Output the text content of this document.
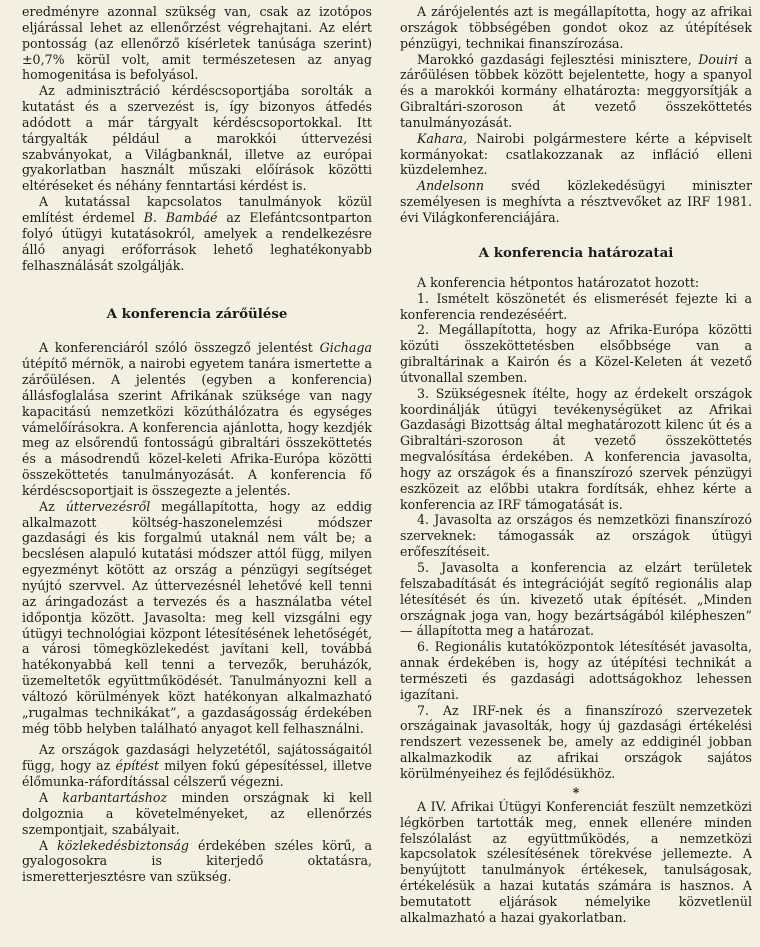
eredményre azonnal szükség van, csak az izotópos eljárással lehet az ellenőrzést végrehajtani. Az elért pontosság (az ellenőrző kísérletek tanúsága szerint) ±0,7% körül volt, amit természetesen az anyag homogenitása is befolyásol.

Az adminisztráció kérdéscsoportjába sorolták a kutatást és a szervezést is, így bizonyos átfedés adódott a már tárgyalt kérdéscsoportokkal. Itt tárgyalták például a marokkói úttervezési szabványokat, a Világbanknál, illetve az európai gyakorlatban használt műszaki előírások közötti eltéréseket és néhány fenntartási kérdést is.

A kutatással kapcsolatos tanulmányok közül említést érdemel B. Bambáé az Elefántcsontparton folyó útügyi kutatásokról, amelyek a rendelkezésre álló anyagi erőforrások lehető leghatékonyabb felhasználását szolgálják.

A konferencia zárőülése

A konferenciáról szóló összegző jelentést Gichaga útépítő mérnök, a nairobi egyetem tanára ismertette a zárőülésen. A jelentés (egyben a konferencia) állásfoglalása szerint Afrikának szüksége van nagy kapacitású nemzetközi közúthálózatra és egységes vámelőírásokra. A konferencia ajánlotta, hogy kezdjék meg az elsőrendű fontosságú gibraltári összeköttetés és a másodrendű közel-keleti Afrika-Európa közötti összeköttetés tanulmányozását. A konferencia fő kérdéscsoportjait is összegezte a jelentés.

Az úttervezésről megállapította, hogy az eddig alkalmazott költség-haszonelemzési módszer gazdasági és kis forgalmú utaknál nem vált be; a becslésen alapuló kutatási módszer attól függ, milyen egyezményt kötött az ország a pénzügyi segítséget nyújtó szervvel. Az úttervezésnél lehetővé kell tenni az áringadozást a tervezés és a használatba vétel időpontja között. Javasolta: meg kell vizsgálni egy útügyi technológiai központ létesítésének lehetőségét, a városi tömegközlekedést javítani kell, továbbá hatékonyabbá kell tenni a tervezők, beruházók, üzemeltetők együttműködését. Tanulmányozni kell a változó körülmények közt hatékonyan alkalmazható „rugalmas technikákat”, a gazdaságosság érdekében még több helyben található anyagot kell felhasználni.

Az országok gazdasági helyzetétől, sajátosságaitól függ, hogy az építést milyen fokú gépesítéssel, illetve élőmunka-ráfordítással célszerű végezni.

A karbantartáshoz minden országnak ki kell dolgoznia a követelményeket, az ellenőrzés szempontjait, szabályait.

A közlekedésbiztonság érdekében széles körű, a gyalogosokra is kiterjedő oktatásra, ismeretterjesztésre van szükség.

A zárójelentés azt is megállapította, hogy az afrikai országok többségében gondot okoz az útépítések pénzügyi, technikai finanszírozása.

Marokkó gazdasági fejlesztési minisztere, Douiri a zárőülésen többek között bejelentette, hogy a spanyol és a marokkói kormány elhatározta: meggyorsítják a Gibraltári-szoroson át vezető összeköttetés tanulmányozását.

Kahara, Nairobi polgármestere kérte a képviselt kormányokat: csatlakozzanak az infláció elleni küzdelemhez.

Andelsonn svéd közlekedésügyi miniszter személyesen is meghívta a résztvevőket az IRF 1981. évi Világkonferenciájára.

A konferencia határozatai

A konferencia hétpontos határozatot hozott:

1. Ismételt köszönetét és elismerését fejezte ki a konferencia rendezéséért.

2. Megállapította, hogy az Afrika-Európa közötti közúti összeköttetésben elsőbbsége van a gibraltárinak a Kairón és a Közel-Keleten át vezető útvonallal szemben.

3. Szükségesnek ítélte, hogy az érdekelt országok koordinálják útügyi tevékenységüket az Afrikai Gazdasági Bizottság által meghatározott kilenc út és a Gibraltári-szoroson át vezető összeköttetés megvalósítása érdekében. A konferencia javasolta, hogy az országok és a finanszírozó szervek pénzügyi eszközeit az előbbi utakra fordítsák, ehhez kérte a konferencia az IRF támogatását is.

4. Javasolta az országos és nemzetközi finanszírozó szerveknek: támogassák az országok útügyi erőfeszítéseit.

5. Javasolta a konferencia az elzárt területek felszabadítását és integrációját segítő regionális alap létesítését és ún. kivezető utak építését. „Minden országnak joga van, hogy bezártságából kilépheszen” — állapította meg a határozat.

6. Regionális kutatóközpontok létesítését javasolta, annak érdekében is, hogy az útépítési technikát a természeti és gazdasági adottságokhoz lehessen igazítani.

7. Az IRF-nek és a finanszírozó szervezetek országainak javasolták, hogy új gazdasági értékelési rendszert vezessenek be, amely az eddiginél jobban alkalmazkodik az afrikai országok sajátos körülményeihez és fejlődésükhöz.

*

A IV. Afrikai Útügyi Konferenciát feszült nemzetközi légkörben tartották meg, ennek ellenére minden felszólalást az együttműködés, a nemzetközi kapcsolatok szélesítésének törekvése jellemezte. A benyújtott tanulmányok értékesek, tanulságosak, értékelésük a hazai kutatás számára is hasznos. A bemutatott eljárások némelyike közvetlenül alkalmazható a hazai gyakorlatban.
